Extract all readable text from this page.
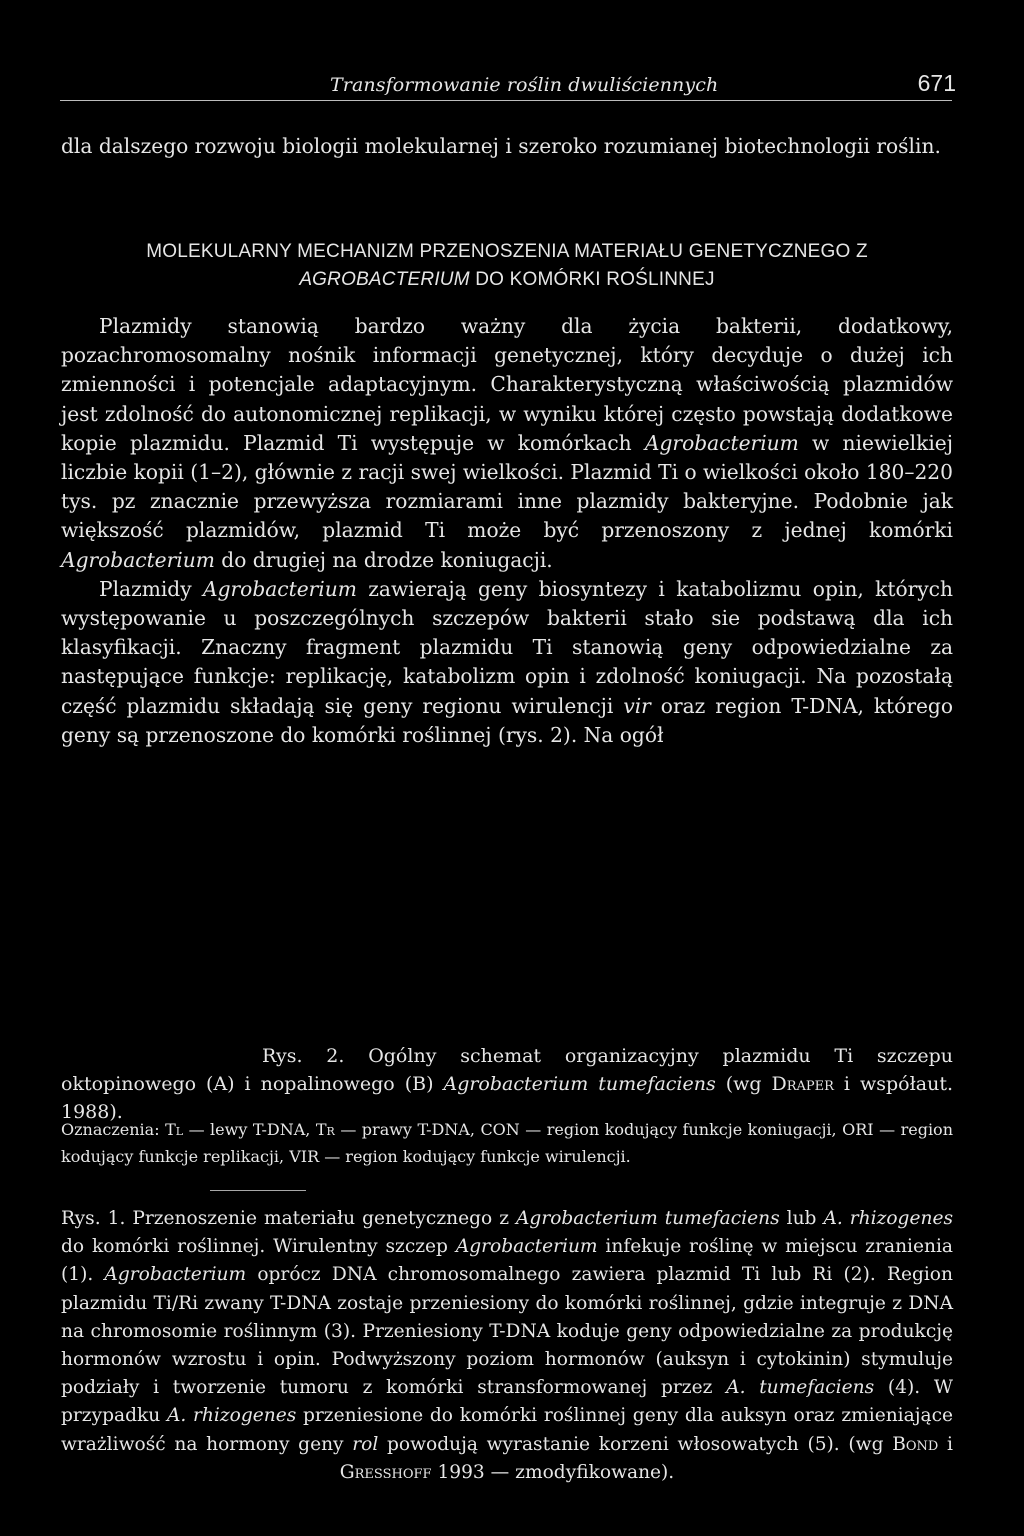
Transformowanie roślin dwuliściennych	671
dla dalszego rozwoju biologii molekularnej i szeroko rozumianej biotechnologii roślin.
MOLEKULARNY MECHANIZM PRZENOSZENIA MATERIAŁU GENETYCZNEGO Z AGROBACTERIUM DO KOMÓRKI ROŚLINNEJ

Plazmidy stanowią bardzo ważny dla życia bakterii, dodatkowy, pozachromosomalny nośnik informacji genetycznej, który decyduje o dużej ich zmienności i potencjale adaptacyjnym. Charakterystyczną właściwością plazmidów jest zdolność do autonomicznej replikacji, w wyniku której często powstają dodatkowe kopie plazmidu. Plazmid Ti występuje w komórkach Agrobacterium w niewielkiej liczbie kopii (1–2), głównie z racji swej wielkości. Plazmid Ti o wielkości około 180–220 tys. pz znacznie przewyższa rozmiarami inne plazmidy bakteryjne. Podobnie jak większość plazmidów, plazmid Ti może być przenoszony z jednej komórki Agrobacterium do drugiej na drodze koniugacji.

Plazmidy Agrobacterium zawierają geny biosyntezy i katabolizmu opin, których występowanie u poszczególnych szczepów bakterii stało sie podstawą dla ich klasyfikacji. Znaczny fragment plazmidu Ti stanowią geny odpowiedzialne za następujące funkcje: replikację, katabolizm opin i zdolność koniugacji. Na pozostałą część plazmidu składają się geny regionu wirulencji vir oraz region T-DNA, którego geny są przenoszone do komórki roślinnej (rys. 2). Na ogół

Rys. 2. Ogólny schemat organizacyjny plazmidu Ti szczepu oktopinowego (A) i nopalinowego (B) Agrobacterium tumefaciens (wg Draper i współaut. 1988).
Oznaczenia: Tl — lewy T-DNA, Tr — prawy T-DNA, CON — region kodujący funkcje koniugacji, ORI — region kodujący funkcje replikacji, VIR — region kodujący funkcje wirulencji.
Rys. 1. Przenoszenie materiału genetycznego z Agrobacterium tumefaciens lub A. rhizogenes do komórki roślinnej. Wirulentny szczep Agrobacterium infekuje roślinę w miejscu zranienia (1). Agrobacterium oprócz DNA chromosomalnego zawiera plazmid Ti lub Ri (2). Region plazmidu Ti/Ri zwany T-DNA zostaje przeniesiony do komórki roślinnej, gdzie integruje z DNA na chromosomie roślinnym (3). Przeniesiony T-DNA koduje geny odpowiedzialne za produkcję hormonów wzrostu i opin. Podwyższony poziom hormonów (auksyn i cytokinin) stymuluje podziały i tworzenie tumoru z komórki stransformowanej przez A. tumefaciens (4). W przypadku A. rhizogenes przeniesione do komórki roślinnej geny dla auksyn oraz zmieniające wrażliwość na hormony geny rol powodują wyrastanie korzeni włosowatych (5). (wg Bond i Gresshoff 1993 — zmodyfikowane).
